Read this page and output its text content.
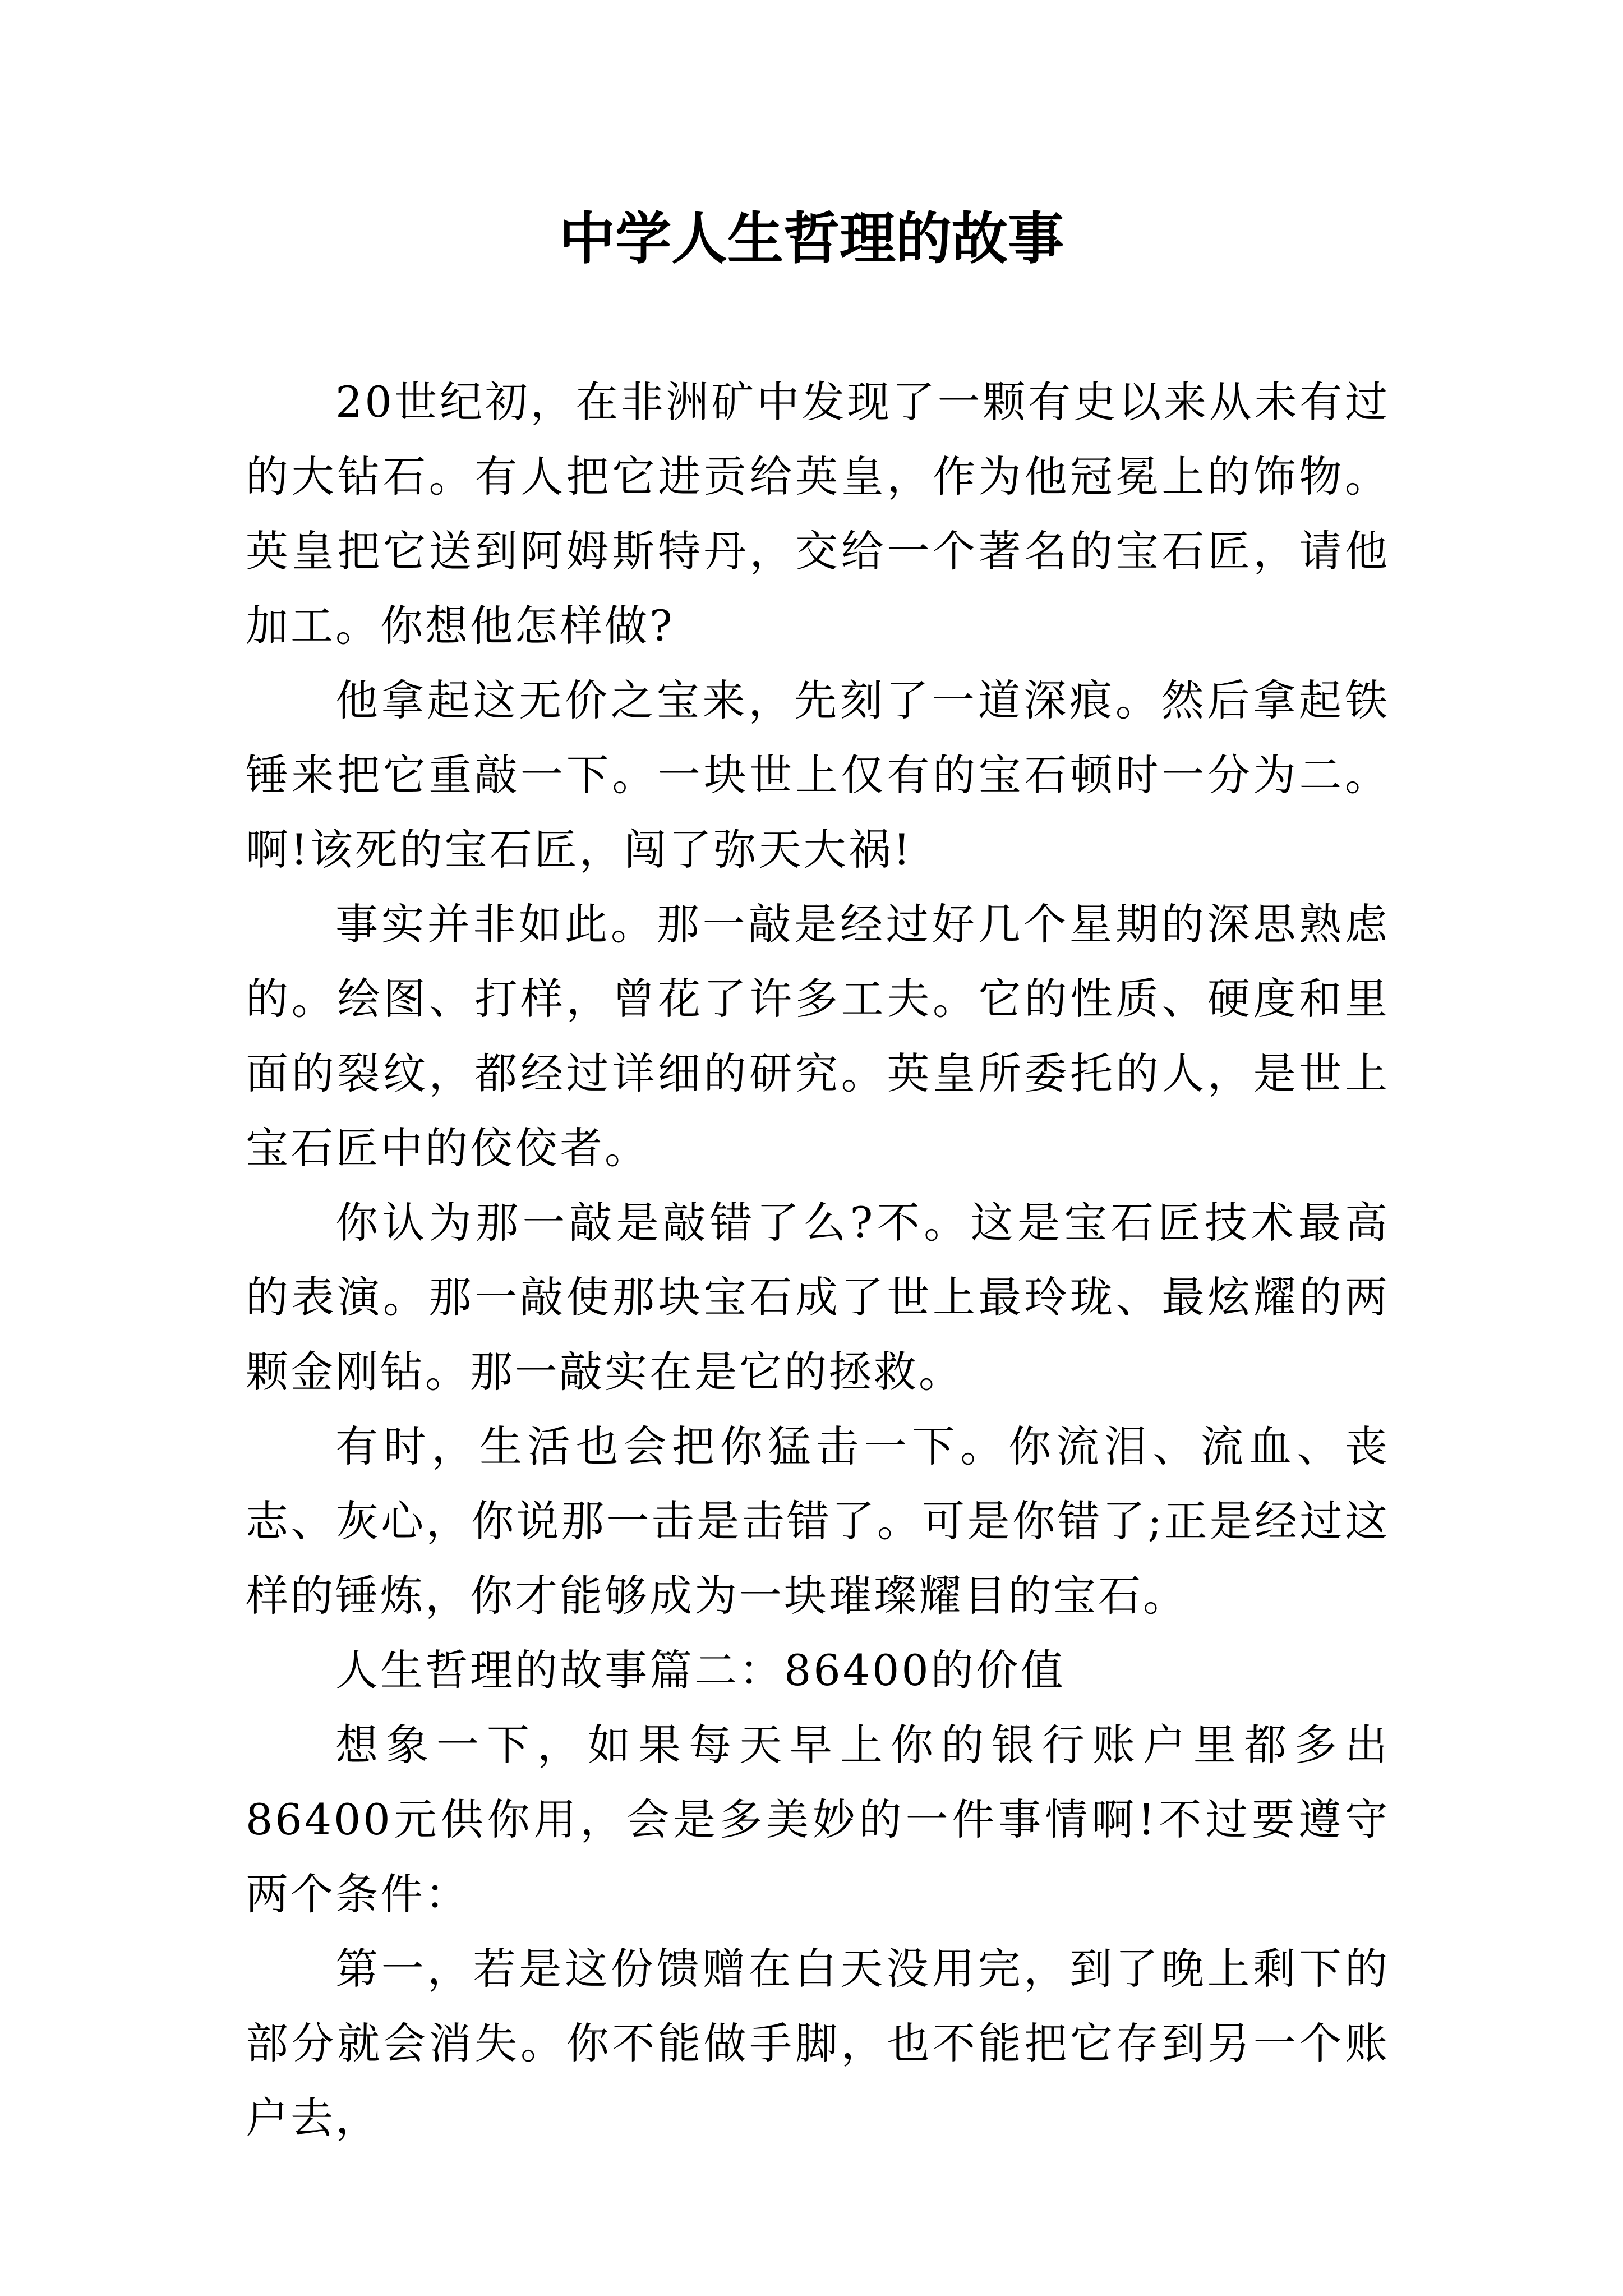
中学人生哲理的故事

20世纪初，在非洲矿中发现了一颗有史以来从未有过的大钻石。有人把它进贡给英皇，作为他冠冕上的饰物。英皇把它送到阿姆斯特丹，交给一个著名的宝石匠，请他加工。你想他怎样做?

他拿起这无价之宝来，先刻了一道深痕。然后拿起铁锤来把它重敲一下。一块世上仅有的宝石顿时一分为二。啊!该死的宝石匠，闯了弥天大祸!

事实并非如此。那一敲是经过好几个星期的深思熟虑的。绘图、打样，曾花了许多工夫。它的性质、硬度和里面的裂纹，都经过详细的研究。英皇所委托的人，是世上宝石匠中的佼佼者。

你认为那一敲是敲错了么?不。这是宝石匠技术最高的表演。那一敲使那块宝石成了世上最玲珑、最炫耀的两颗金刚钻。那一敲实在是它的拯救。

有时，生活也会把你猛击一下。你流泪、流血、丧志、灰心，你说那一击是击错了。可是你错了;正是经过这样的锤炼，你才能够成为一块璀璨耀目的宝石。

人生哲理的故事篇二：86400的价值

想象一下，如果每天早上你的银行账户里都多出86400元供你用，会是多美妙的一件事情啊!不过要遵守两个条件：

第一，若是这份馈赠在白天没用完，到了晚上剩下的部分就会消失。你不能做手脚，也不能把它存到另一个账户去，
